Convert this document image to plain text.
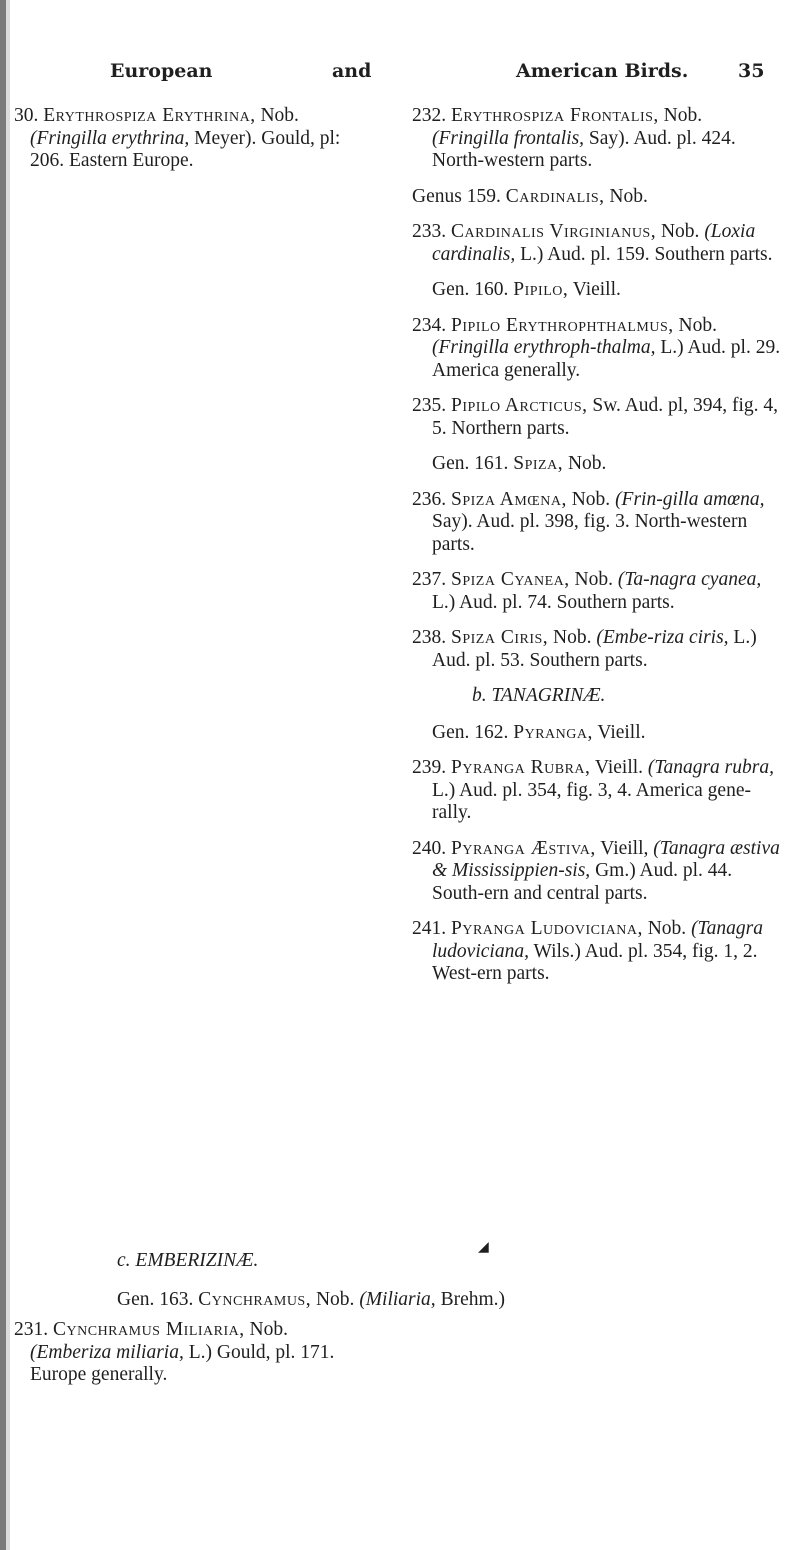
European	and	American Birds.	35

30. Erythrospiza Erythrina, Nob. (Fringilla erythrina, Meyer). Gould, pl: 206. Eastern Europe.

232. Erythrospiza Frontalis, Nob. (Fringilla frontalis, Say). Aud. pl. 424. North-western parts.

Genus 159. Cardinalis, Nob.

233. Cardinalis Virginianus, Nob. (Loxia cardinalis, L.) Aud. pl. 159. Southern parts.

Gen. 160. Pipilo, Vieill.

234. Pipilo Erythrophthalmus, Nob. (Fringilla erythroph-thalma, L.) Aud. pl. 29. America generally.

235. Pipilo Arcticus, Sw. Aud. pl, 394, fig. 4, 5. Northern parts.

Gen. 161. Spiza, Nob.

236. Spiza Amœna, Nob. (Frin-gilla amœna, Say). Aud. pl. 398, fig. 3. North-western parts.

237. Spiza Cyanea, Nob. (Ta-nagra cyanea, L.) Aud. pl. 74. Southern parts.

238. Spiza Ciris, Nob. (Embe-riza ciris, L.) Aud. pl. 53. Southern parts.

b. TANAGRINÆ.

Gen. 162. Pyranga, Vieill.

239. Pyranga Rubra, Vieill. (Tanagra rubra, L.) Aud. pl. 354, fig. 3, 4. America gene-rally.

240. Pyranga Æstiva, Vieill, (Tanagra æstiva & Mississippien-sis, Gm.) Aud. pl. 44. South-ern and central parts.

241. Pyranga Ludoviciana, Nob. (Tanagra ludoviciana, Wils.) Aud. pl. 354, fig. 1, 2. West-ern parts.

c. EMBERIZINÆ.

Gen. 163. Cynchramus, Nob. (Miliaria, Brehm.)

231. Cynchramus Miliaria, Nob. (Emberiza miliaria, L.) Gould, pl. 171. Europe generally.

◢
